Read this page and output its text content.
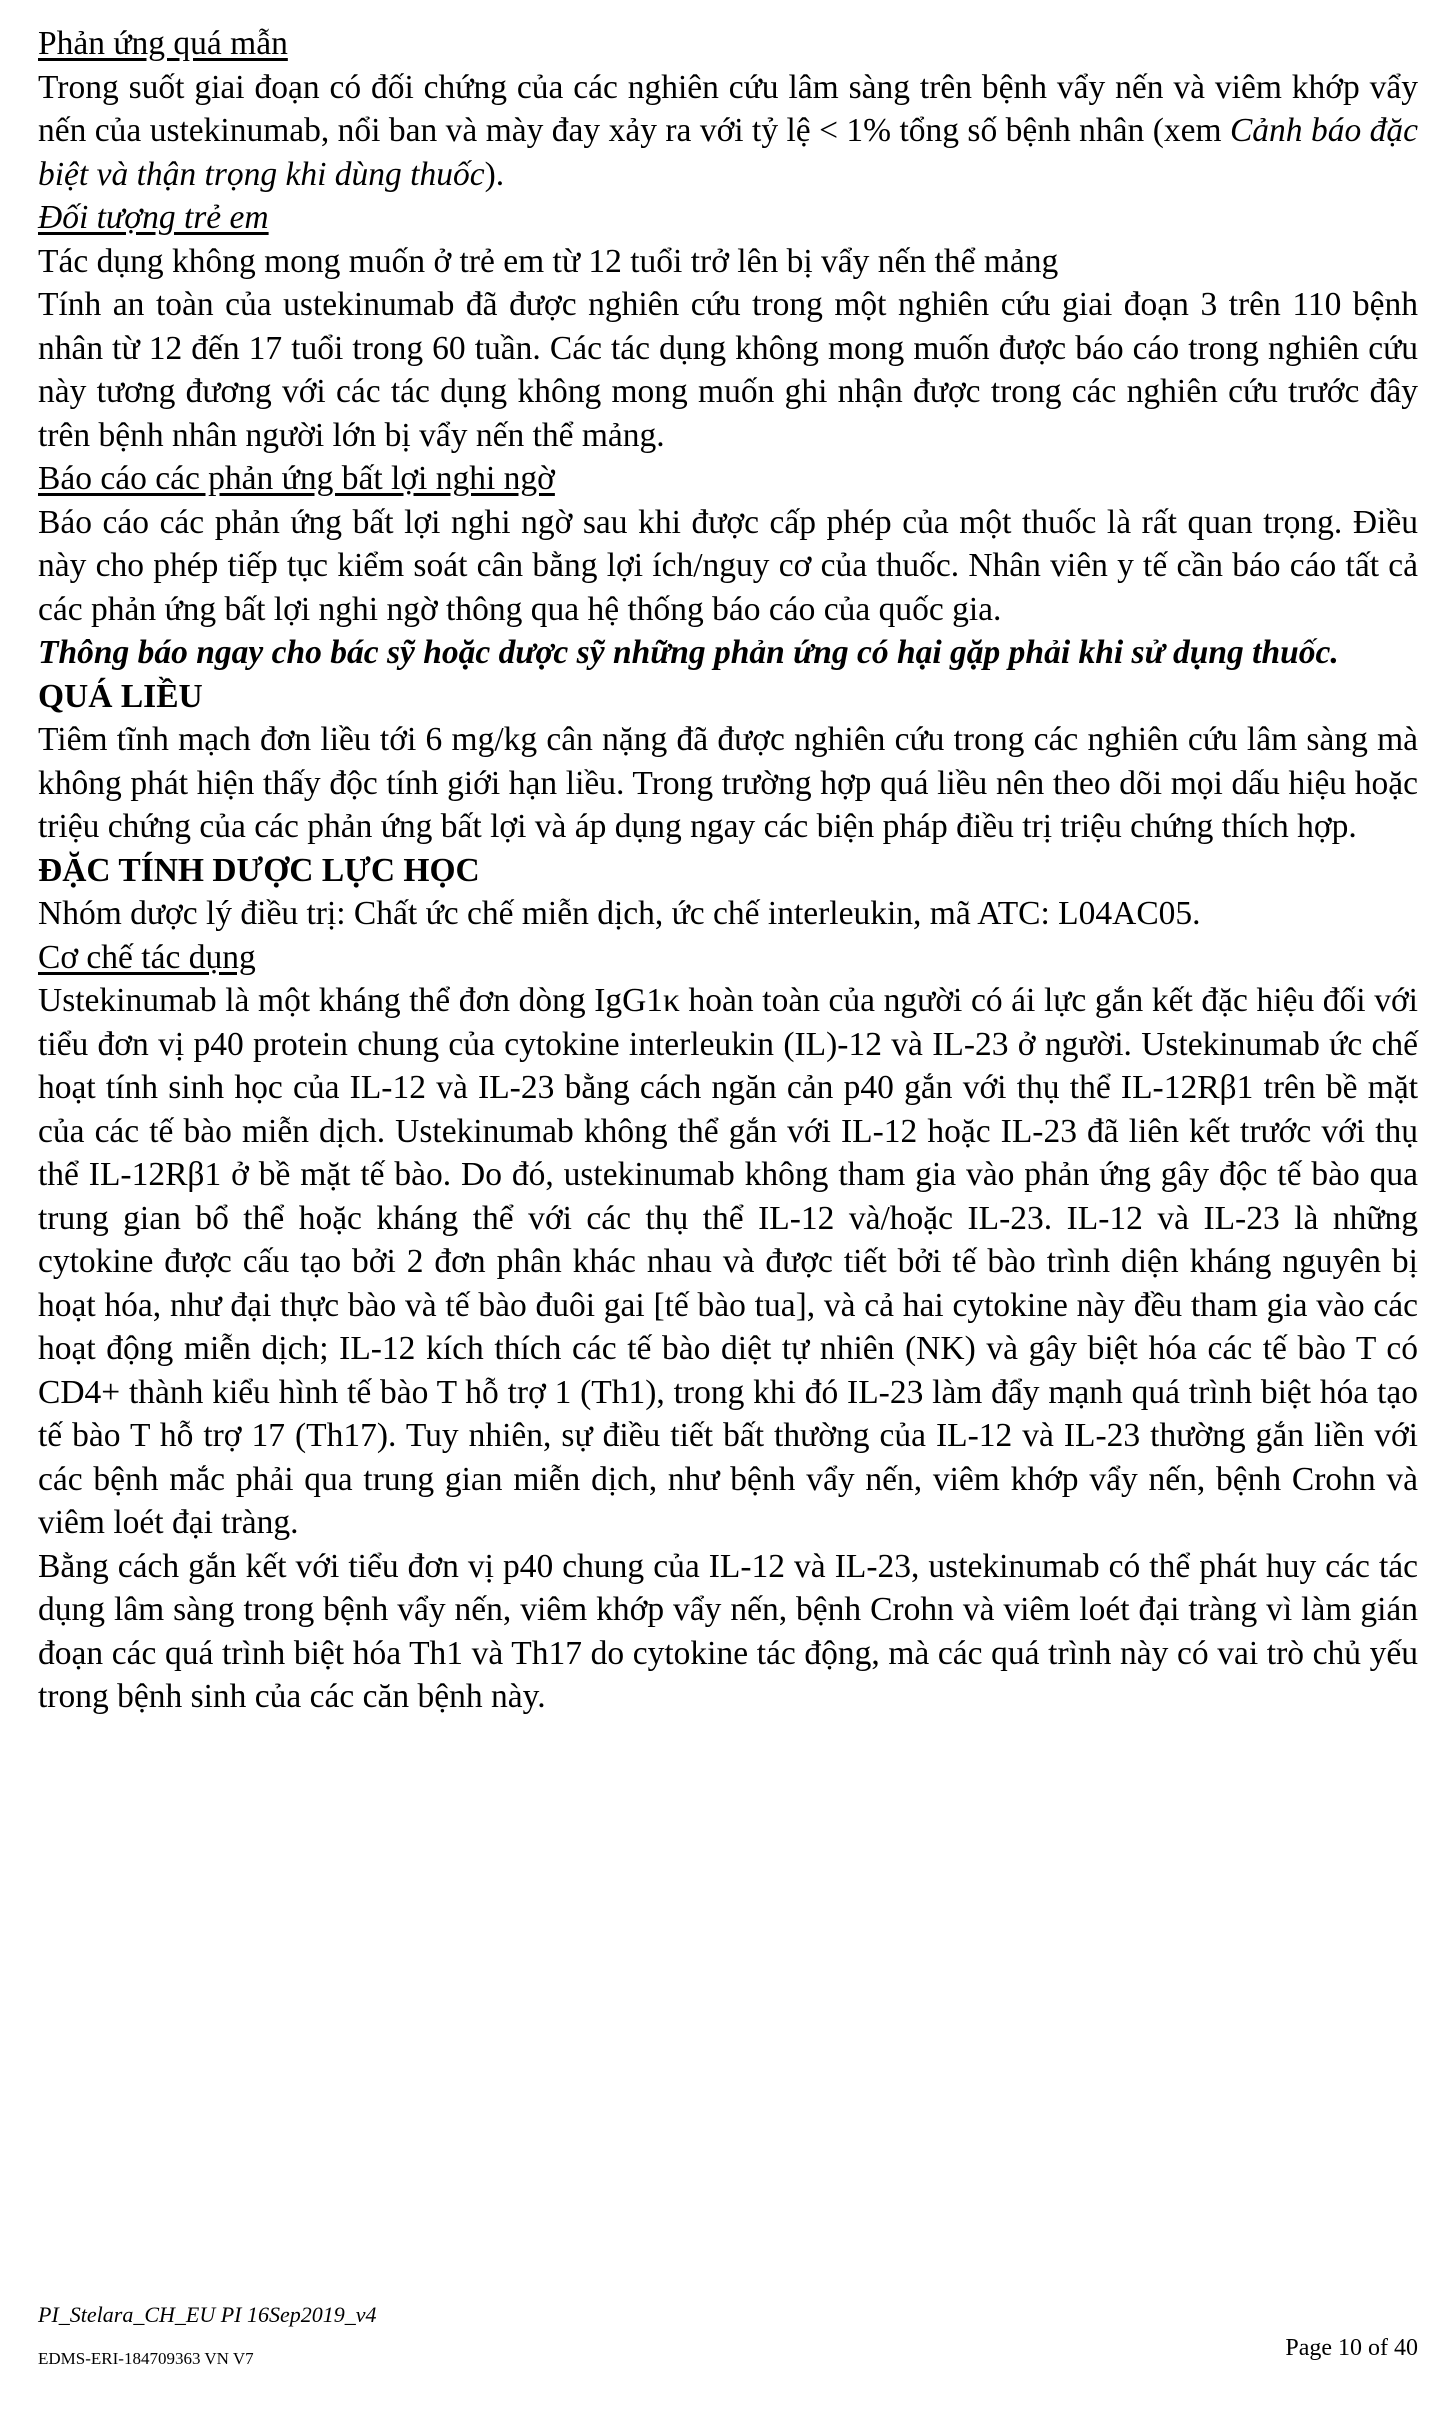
Phản ứng quá mẫn

Trong suốt giai đoạn có đối chứng của các nghiên cứu lâm sàng trên bệnh vẩy nến và viêm khớp vẩy nến của ustekinumab, nổi ban và mày đay xảy ra với tỷ lệ < 1% tổng số bệnh nhân (xem Cảnh báo đặc biệt và thận trọng khi dùng thuốc).

Đối tượng trẻ em

Tác dụng không mong muốn ở trẻ em từ 12 tuổi trở lên bị vẩy nến thể mảng

Tính an toàn của ustekinumab đã được nghiên cứu trong một nghiên cứu giai đoạn 3 trên 110 bệnh nhân từ 12 đến 17 tuổi trong 60 tuần. Các tác dụng không mong muốn được báo cáo trong nghiên cứu này tương đương với các tác dụng không mong muốn ghi nhận được trong các nghiên cứu trước đây trên bệnh nhân người lớn bị vẩy nến thể mảng.

Báo cáo các phản ứng bất lợi nghi ngờ

Báo cáo các phản ứng bất lợi nghi ngờ sau khi được cấp phép của một thuốc là rất quan trọng. Điều này cho phép tiếp tục kiểm soát cân bằng lợi ích/nguy cơ của thuốc. Nhân viên y tế cần báo cáo tất cả các phản ứng bất lợi nghi ngờ thông qua hệ thống báo cáo của quốc gia.

Thông báo ngay cho bác sỹ hoặc dược sỹ những phản ứng có hại gặp phải khi sử dụng thuốc.

QUÁ LIỀU

Tiêm tĩnh mạch đơn liều tới 6 mg/kg cân nặng đã được nghiên cứu trong các nghiên cứu lâm sàng mà không phát hiện thấy độc tính giới hạn liều. Trong trường hợp quá liều nên theo dõi mọi dấu hiệu hoặc triệu chứng của các phản ứng bất lợi và áp dụng ngay các biện pháp điều trị triệu chứng thích hợp.

ĐẶC TÍNH DƯỢC LỰC HỌC

Nhóm dược lý điều trị: Chất ức chế miễn dịch, ức chế interleukin, mã ATC: L04AC05.

Cơ chế tác dụng

Ustekinumab là một kháng thể đơn dòng IgG1κ hoàn toàn của người có ái lực gắn kết đặc hiệu đối với tiểu đơn vị p40 protein chung của cytokine interleukin (IL)-12 và IL-23 ở người. Ustekinumab ức chế hoạt tính sinh học của IL-12 và IL-23 bằng cách ngăn cản p40 gắn với thụ thể IL-12Rβ1 trên bề mặt của các tế bào miễn dịch. Ustekinumab không thể gắn với IL-12 hoặc IL-23 đã liên kết trước với thụ thể IL-12Rβ1 ở bề mặt tế bào. Do đó, ustekinumab không tham gia vào phản ứng gây độc tế bào qua trung gian bổ thể hoặc kháng thể với các thụ thể IL-12 và/hoặc IL-23. IL-12 và IL-23 là những cytokine được cấu tạo bởi 2 đơn phân khác nhau và được tiết bởi tế bào trình diện kháng nguyên bị hoạt hóa, như đại thực bào và tế bào đuôi gai [tế bào tua], và cả hai cytokine này đều tham gia vào các hoạt động miễn dịch; IL-12 kích thích các tế bào diệt tự nhiên (NK) và gây biệt hóa các tế bào T có CD4+ thành kiểu hình tế bào T hỗ trợ 1 (Th1), trong khi đó IL-23 làm đẩy mạnh quá trình biệt hóa tạo tế bào T hỗ trợ 17 (Th17). Tuy nhiên, sự điều tiết bất thường của IL-12 và IL-23 thường gắn liền với các bệnh mắc phải qua trung gian miễn dịch, như bệnh vẩy nến, viêm khớp vẩy nến, bệnh Crohn và viêm loét đại tràng.

Bằng cách gắn kết với tiểu đơn vị p40 chung của IL-12 và IL-23, ustekinumab có thể phát huy các tác dụng lâm sàng trong bệnh vẩy nến, viêm khớp vẩy nến, bệnh Crohn và viêm loét đại tràng vì làm gián đoạn các quá trình biệt hóa Th1 và Th17 do cytokine tác động, mà các quá trình này có vai trò chủ yếu trong bệnh sinh của các căn bệnh này.

PI_Stelara_CH_EU PI 16Sep2019_v4
EDMS-ERI-184709363 VN V7	Page 10 of 40
